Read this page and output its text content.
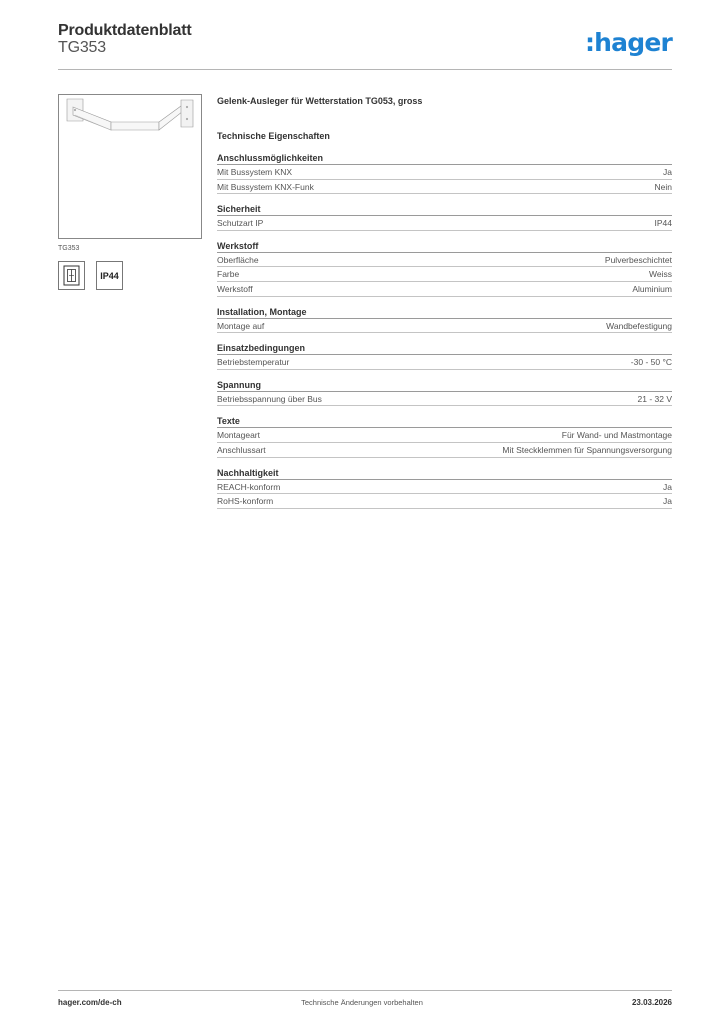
Produktdatenblatt
TG353	:hager
TG353
IP44
Gelenk-Ausleger für Wetterstation TG053, gross
Technische Eigenschaften
Anschlussmöglichkeiten
Mit Bussystem KNX	Ja
Mit Bussystem KNX-Funk	Nein
Sicherheit
Schutzart IP	IP44
Werkstoff
Oberfläche	Pulverbeschichtet
Farbe	Weiss
Werkstoff	Aluminium
Installation, Montage
Montage auf	Wandbefestigung
Einsatzbedingungen
Betriebstemperatur	-30 - 50 °C
Spannung
Betriebsspannung über Bus	21 - 32 V
Texte
Montageart	Für Wand- und Mastmontage
Anschlussart	Mit Steckklemmen für Spannungsversorgung
Nachhaltigkeit
REACH-konform	Ja
RoHS-konform	Ja
hager.com/de-ch	Technische Änderungen vorbehalten	23.03.2026
